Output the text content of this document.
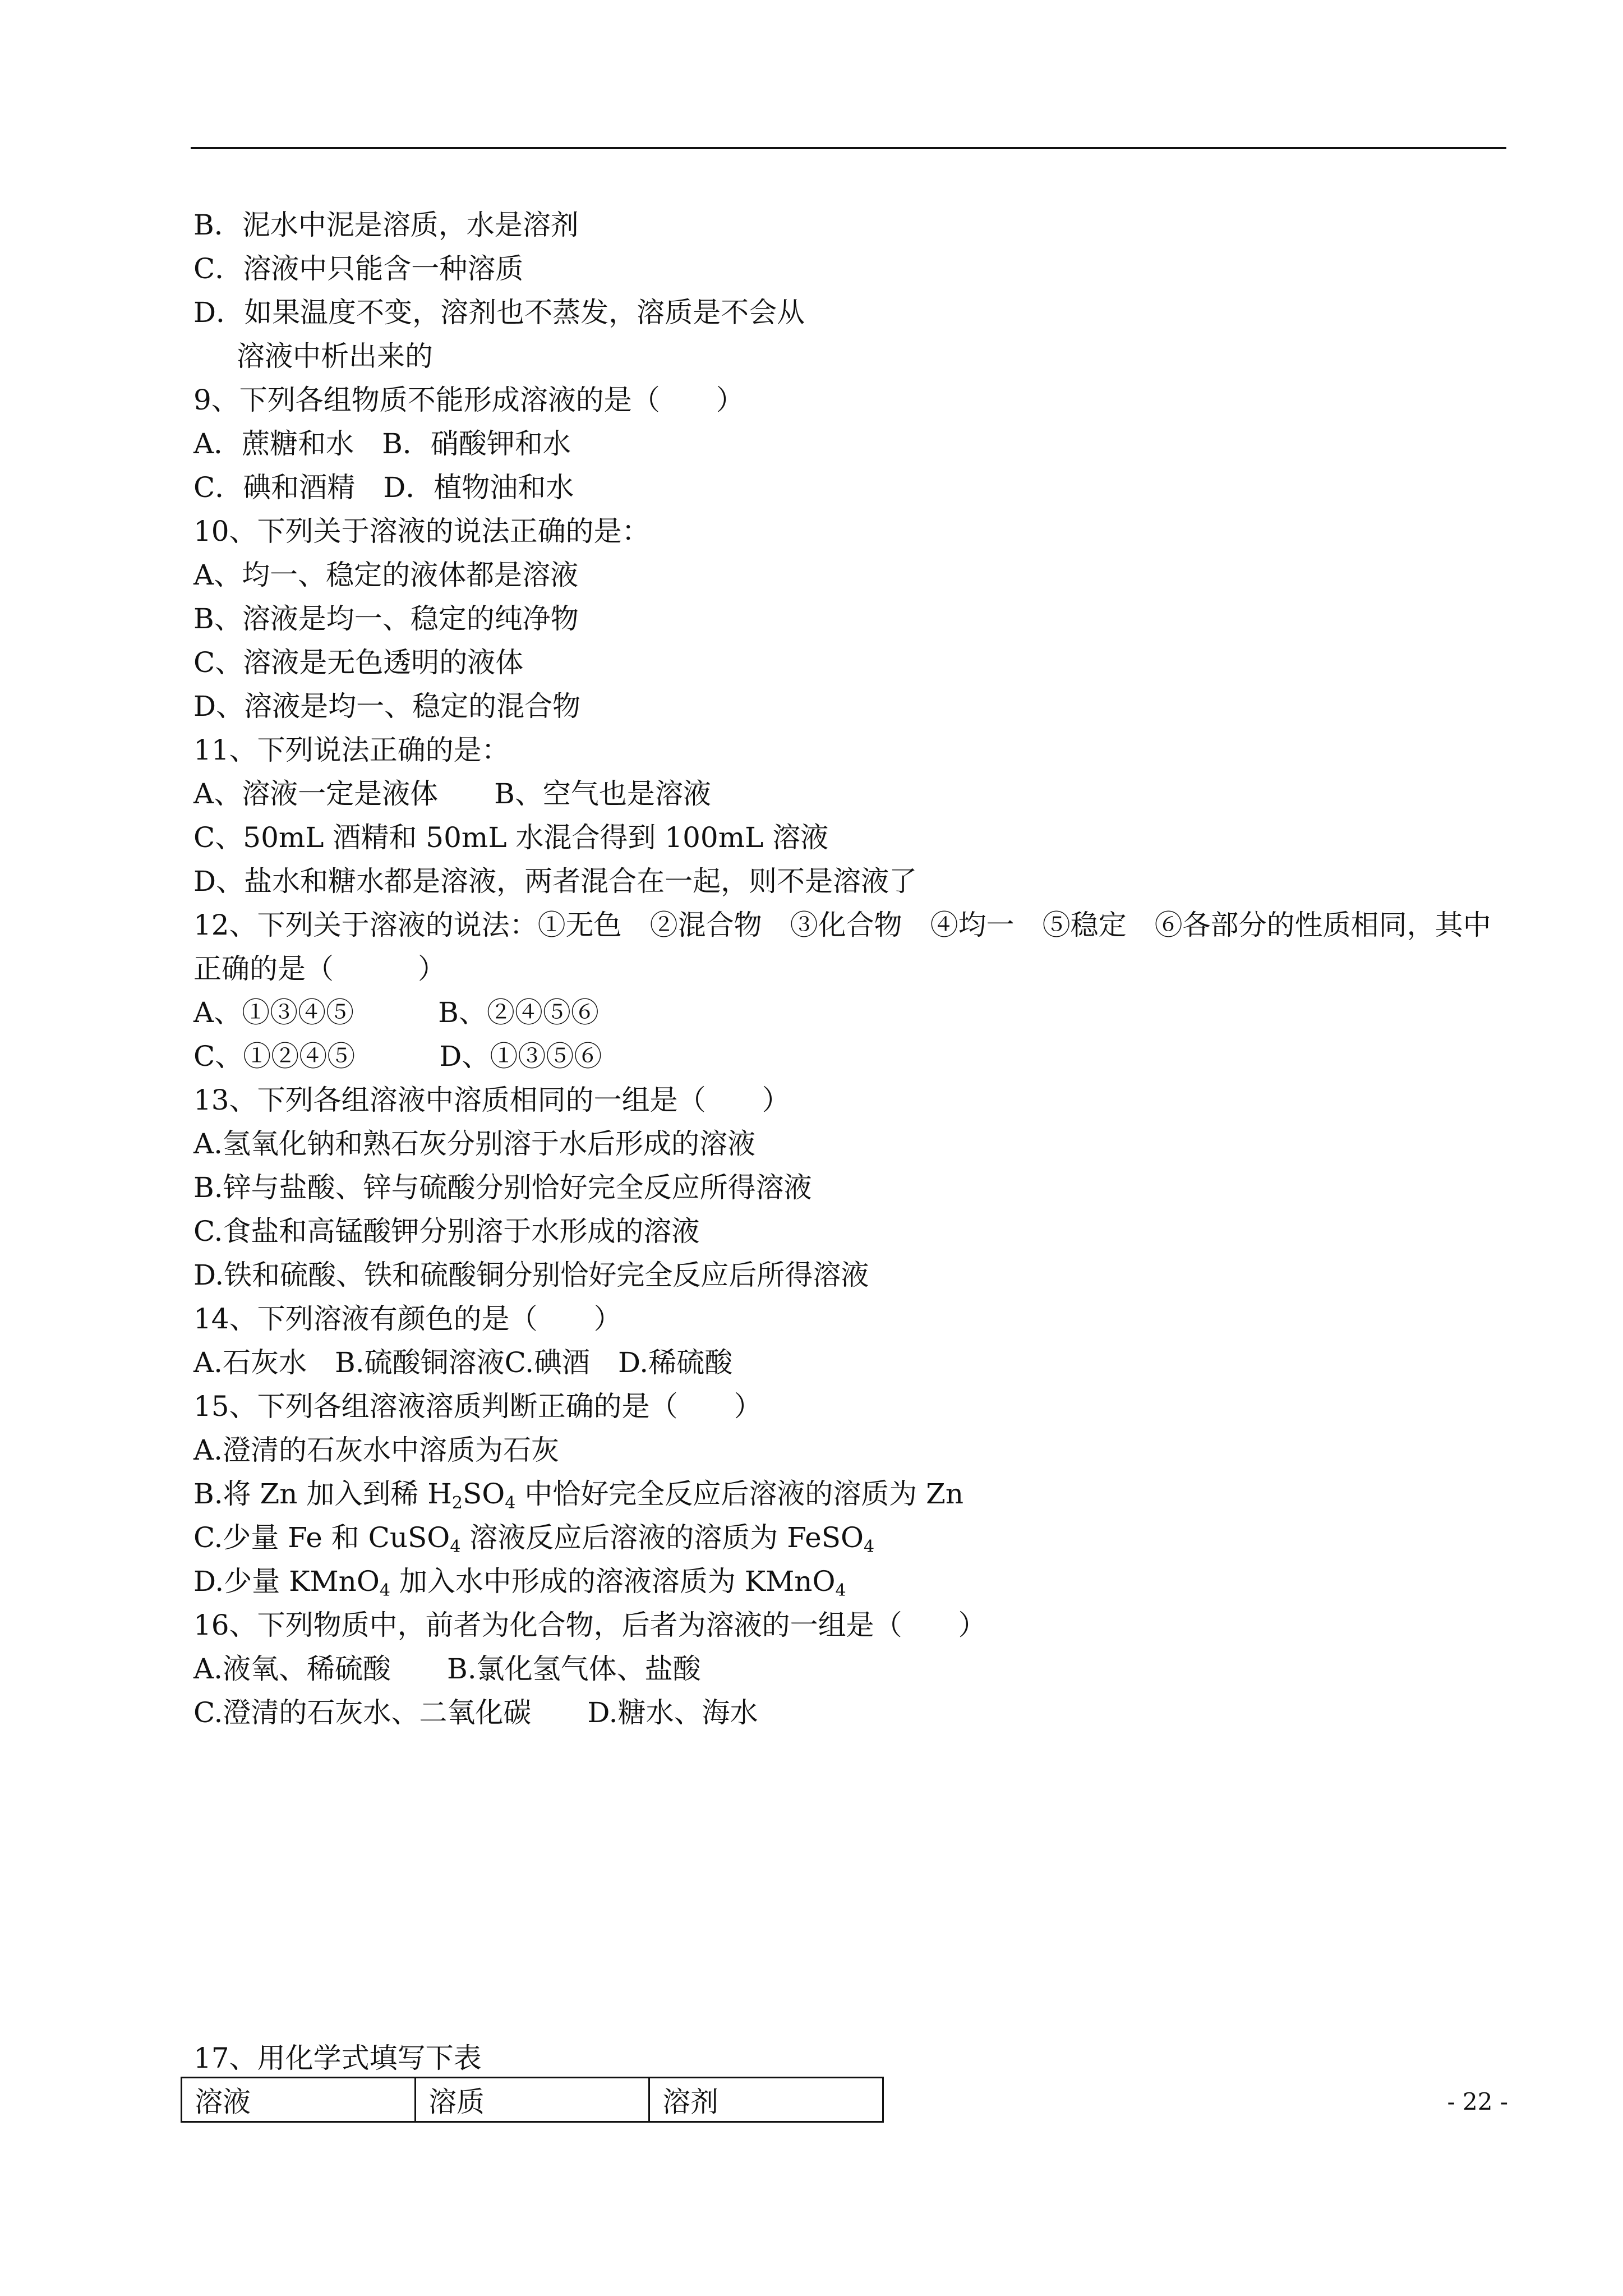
B．泥水中泥是溶质，水是溶剂
C．溶液中只能含一种溶质
D．如果温度不变，溶剂也不蒸发，溶质是不会从
溶液中析出来的
9、下列各组物质不能形成溶液的是（　　）
A．蔗糖和水　B．硝酸钾和水
C．碘和酒精　D．植物油和水
10、下列关于溶液的说法正确的是：
A、均一、稳定的液体都是溶液
B、溶液是均一、稳定的纯净物
C、溶液是无色透明的液体
D、溶液是均一、稳定的混合物
11、下列说法正确的是：
A、溶液一定是液体　　B、空气也是溶液
C、50mL 酒精和 50mL 水混合得到 100mL 溶液
D、盐水和糖水都是溶液，两者混合在一起，则不是溶液了
12、下列关于溶液的说法：①无色　②混合物　③化合物　④均一　⑤稳定　⑥各部分的性质相同，其中
正确的是（　　　）
A、①③④⑤　　　B、②④⑤⑥
C、①②④⑤　　　D、①③⑤⑥
13、下列各组溶液中溶质相同的一组是（　　）
A.氢氧化钠和熟石灰分别溶于水后形成的溶液
B.锌与盐酸、锌与硫酸分别恰好完全反应所得溶液
C.食盐和高锰酸钾分别溶于水形成的溶液
D.铁和硫酸、铁和硫酸铜分别恰好完全反应后所得溶液
14、下列溶液有颜色的是（　　）
A.石灰水　B.硫酸铜溶液C.碘酒　D.稀硫酸
15、下列各组溶液溶质判断正确的是（　　）
A.澄清的石灰水中溶质为石灰
B.将 Zn 加入到稀 $H_2SO_4$ 中恰好完全反应后溶液的溶质为 Zn
C.少量 Fe 和 CuSO$_4$ 溶液反应后溶液的溶质为 FeSO$_4$
D.少量 KMnO$_4$ 加入水中形成的溶液溶质为 KMnO$_4$
16、下列物质中，前者为化合物，后者为溶液的一组是（　　）
A.液氧、稀硫酸　　B.氯化氢气体、盐酸
C.澄清的石灰水、二氧化碳　　D.糖水、海水
17、用化学式填写下表
溶液	溶质	溶剂	- 22 -
